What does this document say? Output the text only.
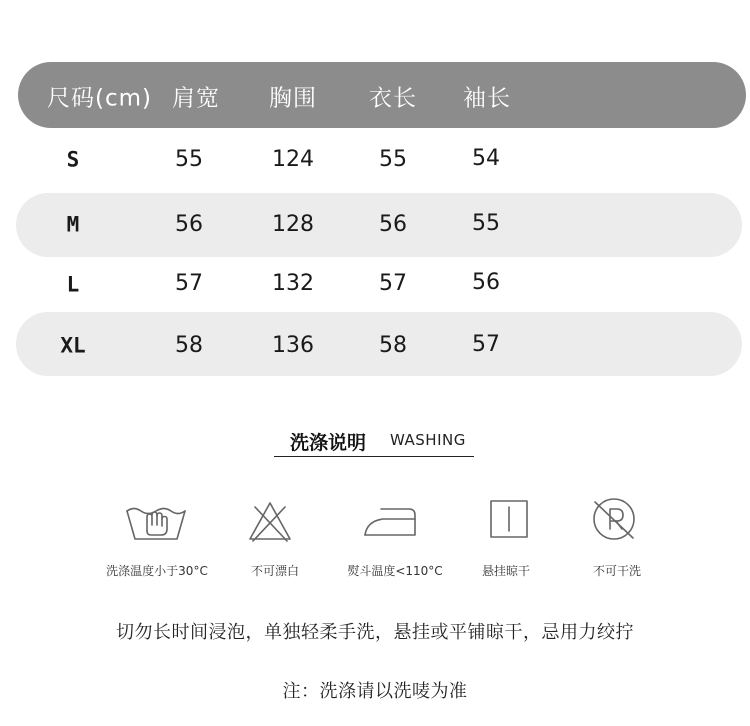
尺码(cm) 肩宽 胸围 衣长 袖长
S	55	124	55	54
M	56	128	56	55
L	57	132	57	56
XL	58	136	58	57
洗涤说明 WASHING
洗涤温度小于30°C	不可漂白	熨斗温度<110°C	悬挂晾干	不可干洗
切勿长时间浸泡，单独轻柔手洗，悬挂或平铺晾干，忌用力绞拧
注：洗涤请以洗唛为准
